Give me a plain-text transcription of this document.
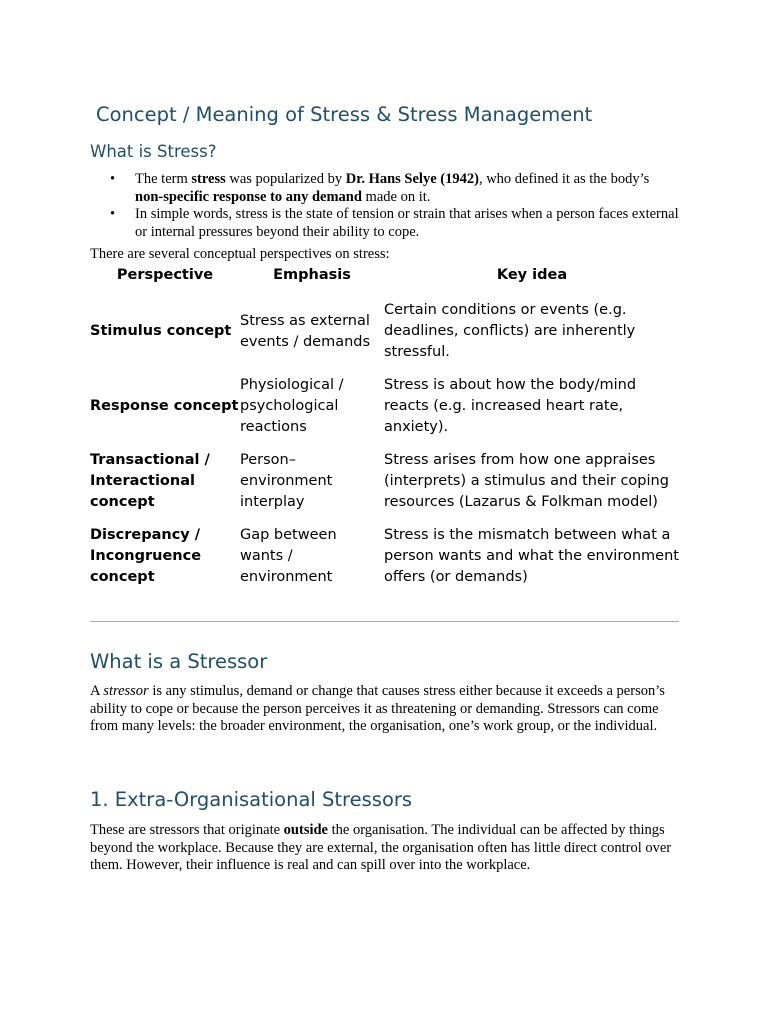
Concept / Meaning of Stress & Stress Management
What is Stress?
• The term stress was popularized by Dr. Hans Selye (1942), who defined it as the body’s non-specific response to any demand made on it.
• In simple words, stress is the state of tension or strain that arises when a person faces external or internal pressures beyond their ability to cope.

There are several conceptual perspectives on stress:

Perspective	Emphasis	Key idea
Stimulus concept	Stress as external events / demands	Certain conditions or events (e.g. deadlines, conflicts) are inherently stressful.
Response concept	Physiological / psychological reactions	Stress is about how the body/mind reacts (e.g. increased heart rate, anxiety).
Transactional / Interactional concept	Person– environment interplay	Stress arises from how one appraises (interprets) a stimulus and their coping resources (Lazarus & Folkman model)
Discrepancy / Incongruence concept	Gap between wants / environment	Stress is the mismatch between what a person wants and what the environment offers (or demands)
What is a Stressor

A stressor is any stimulus, demand or change that causes stress either because it exceeds a person’s ability to cope or because the person perceives it as threatening or demanding. Stressors can come from many levels: the broader environment, the organisation, one’s work group, or the individual.

1. Extra-Organisational Stressors

These are stressors that originate outside the organisation. The individual can be affected by things beyond the workplace. Because they are external, the organisation often has little direct control over them. However, their influence is real and can spill over into the workplace.
